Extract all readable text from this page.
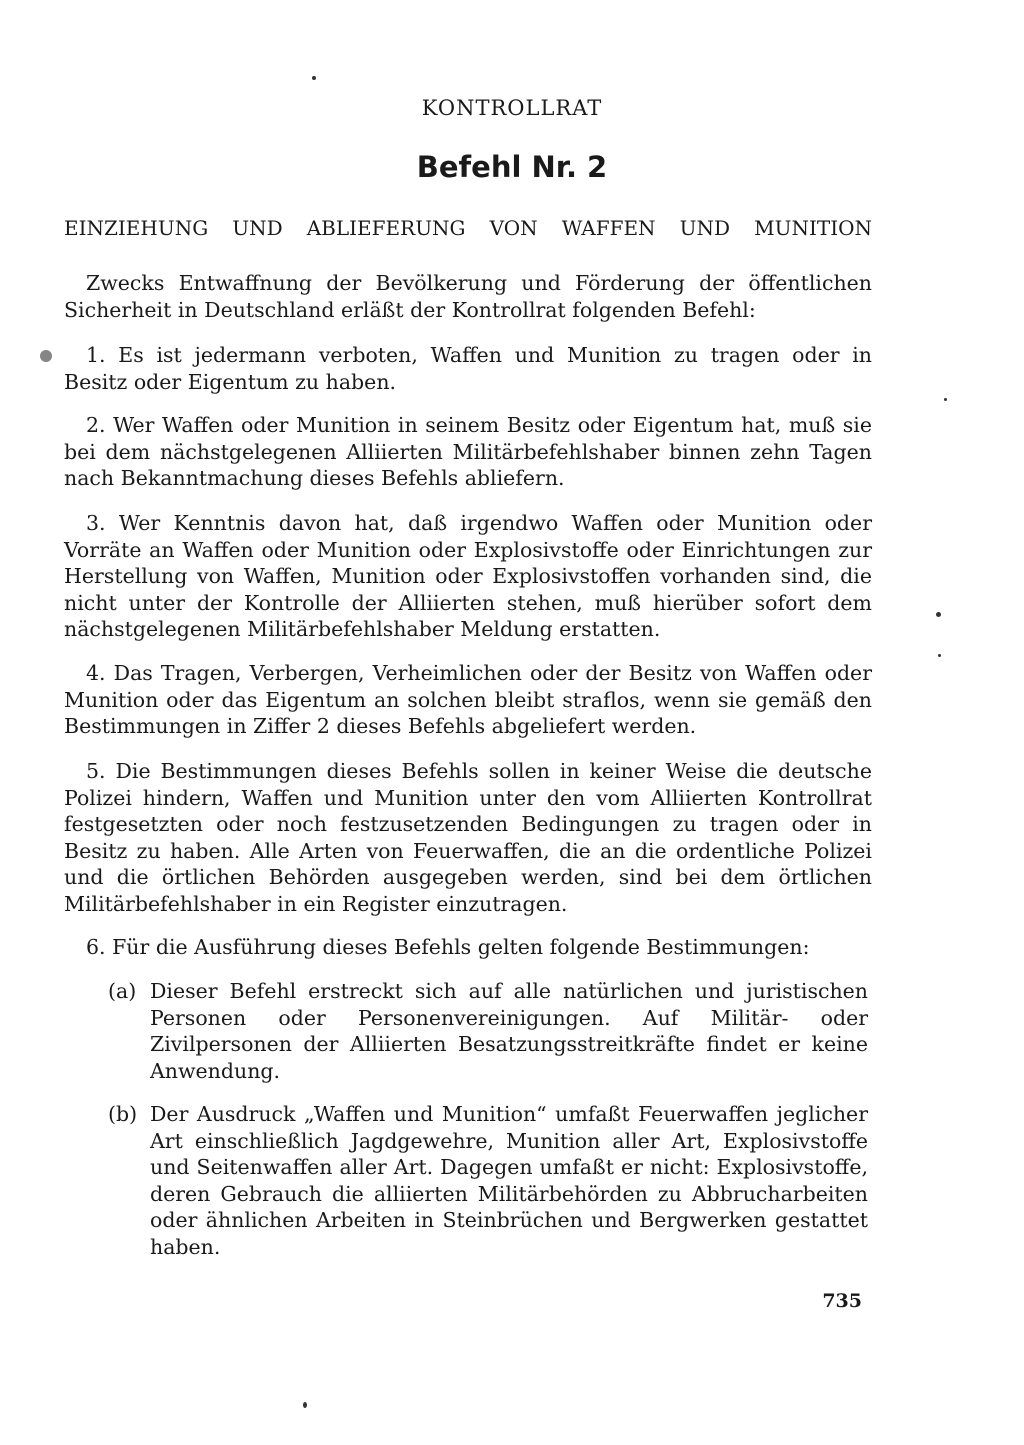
KONTROLLRAT
Befehl Nr. 2
EINZIEHUNG UND ABLIEFERUNG VON WAFFEN UND MUNITION

Zwecks Entwaffnung der Bevölkerung und Förderung der öffentlichen Sicherheit in Deutschland erläßt der Kontrollrat folgenden Befehl:

1. Es ist jedermann verboten, Waffen und Munition zu tragen oder in Besitz oder Eigentum zu haben.

2. Wer Waffen oder Munition in seinem Besitz oder Eigentum hat, muß sie bei dem nächstgelegenen Alliierten Militärbefehlshaber binnen zehn Tagen nach Bekanntmachung dieses Befehls abliefern.

3. Wer Kenntnis davon hat, daß irgendwo Waffen oder Munition oder Vorräte an Waffen oder Munition oder Explosivstoffe oder Einrichtungen zur Herstellung von Waffen, Munition oder Explosivstoffen vorhanden sind, die nicht unter der Kontrolle der Alliierten stehen, muß hierüber sofort dem nächstgelegenen Militärbefehlshaber Meldung erstatten.

4. Das Tragen, Verbergen, Verheimlichen oder der Besitz von Waffen oder Munition oder das Eigentum an solchen bleibt straflos, wenn sie gemäß den Bestimmungen in Ziffer 2 dieses Befehls abgeliefert werden.

5. Die Bestimmungen dieses Befehls sollen in keiner Weise die deutsche Polizei hindern, Waffen und Munition unter den vom Alliierten Kontrollrat festgesetzten oder noch festzusetzenden Bedingungen zu tragen oder in Besitz zu haben. Alle Arten von Feuerwaffen, die an die ordentliche Polizei und die örtlichen Behörden ausgegeben werden, sind bei dem örtlichen Militärbefehlshaber in ein Register einzutragen.

6. Für die Ausführung dieses Befehls gelten folgende Bestimmungen:

(a) Dieser Befehl erstreckt sich auf alle natürlichen und juristischen Personen oder Personenvereinigungen. Auf Militär- oder Zivilpersonen der Alliierten Besatzungsstreitkräfte findet er keine Anwendung.
(b) Der Ausdruck „Waffen und Munition“ umfaßt Feuerwaffen jeglicher Art einschließlich Jagdgewehre, Munition aller Art, Explosivstoffe und Seitenwaffen aller Art. Dagegen umfaßt er nicht: Explosivstoffe, deren Gebrauch die alliierten Militärbehörden zu Abbrucharbeiten oder ähnlichen Arbeiten in Steinbrüchen und Bergwerken gestattet haben.
735
